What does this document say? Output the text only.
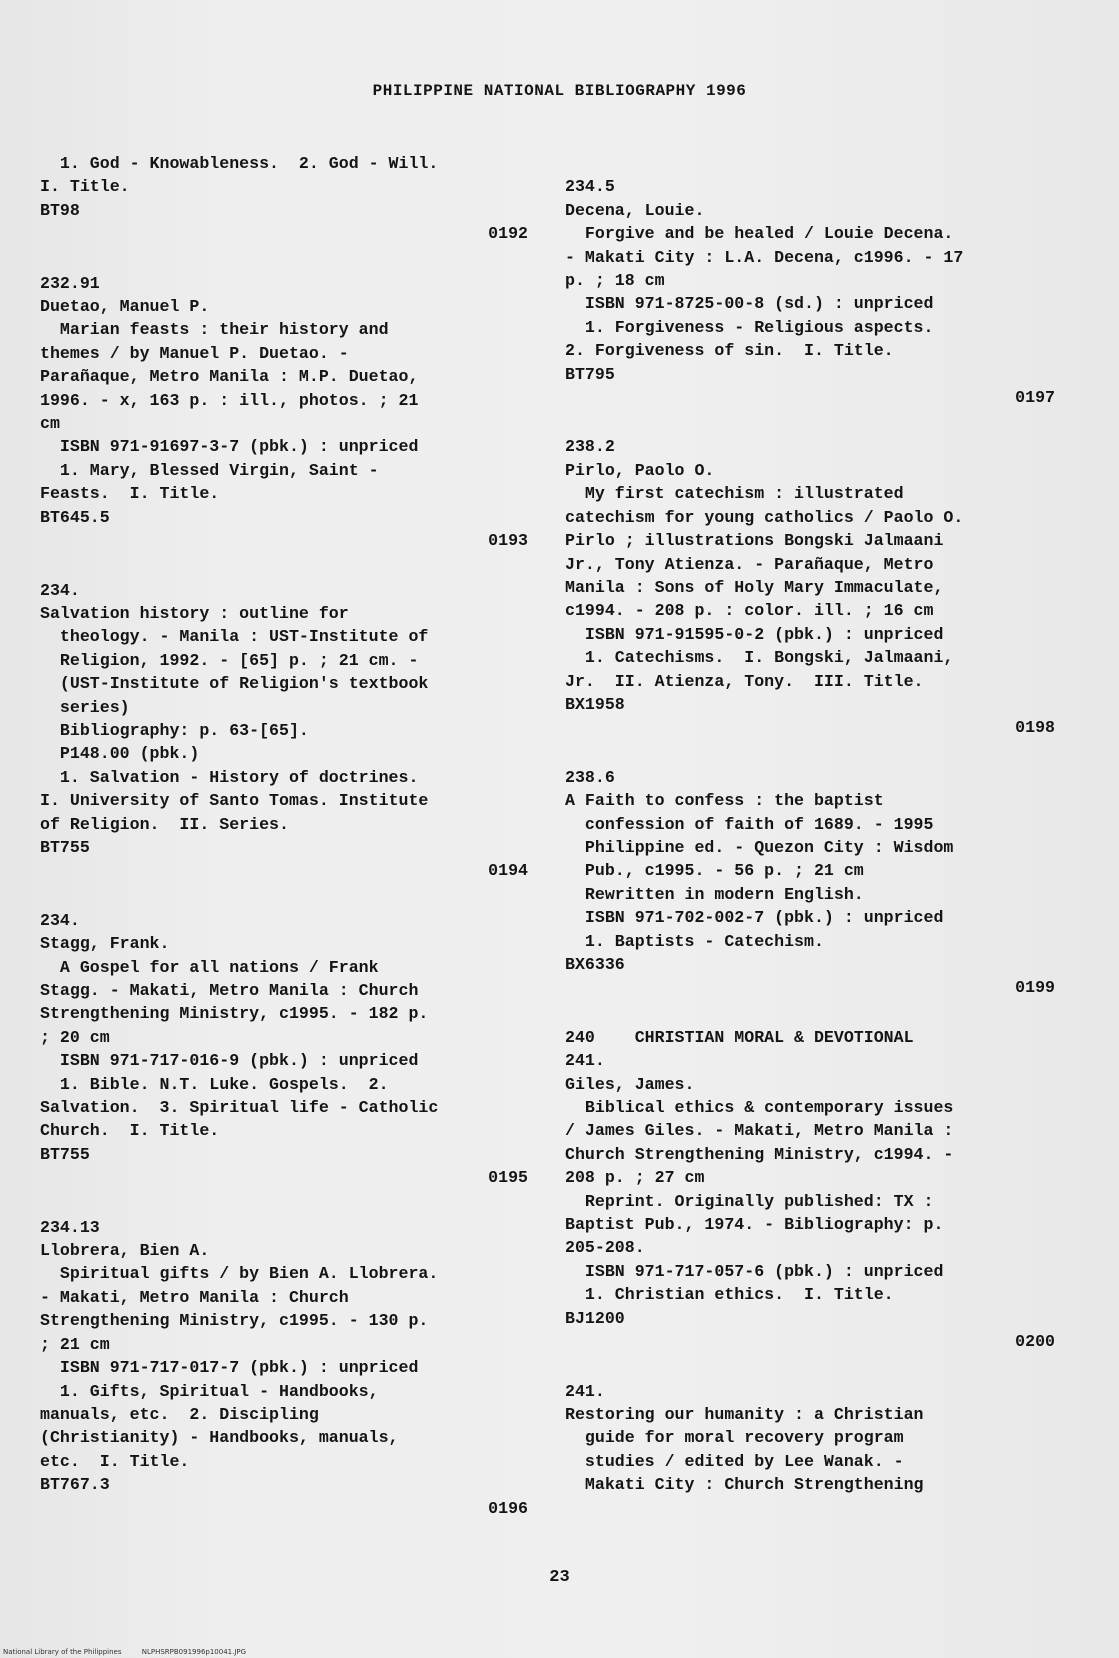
PHILIPPINE NATIONAL BIBLIOGRAPHY 1996
1. God - Knowableness.  2. God - Will.
I. Title.
BT98
0192
232.91
Duetao, Manuel P.
Marian feasts : their history and
themes / by Manuel P. Duetao. -
Parañaque, Metro Manila : M.P. Duetao,
1996. - x, 163 p. : ill., photos. ; 21
cm
ISBN 971-91697-3-7 (pbk.) : unpriced
1. Mary, Blessed Virgin, Saint -
Feasts.  I. Title.
BT645.5
0193
234.
Salvation history : outline for
theology. - Manila : UST-Institute of
Religion, 1992. - [65] p. ; 21 cm. -
(UST-Institute of Religion's textbook
series)
Bibliography: p. 63-[65].
P148.00 (pbk.)
1. Salvation - History of doctrines.
I. University of Santo Tomas. Institute
of Religion.  II. Series.
BT755
0194
234.
Stagg, Frank.
A Gospel for all nations / Frank
Stagg. - Makati, Metro Manila : Church
Strengthening Ministry, c1995. - 182 p.
; 20 cm
ISBN 971-717-016-9 (pbk.) : unpriced
1. Bible. N.T. Luke. Gospels.  2.
Salvation.  3. Spiritual life - Catholic
Church.  I. Title.
BT755
0195
234.13
Llobrera, Bien A.
Spiritual gifts / by Bien A. Llobrera.
- Makati, Metro Manila : Church
Strengthening Ministry, c1995. - 130 p.
; 21 cm
ISBN 971-717-017-7 (pbk.) : unpriced
1. Gifts, Spiritual - Handbooks,
manuals, etc.  2. Discipling
(Christianity) - Handbooks, manuals,
etc.  I. Title.
BT767.3
0196

234.5
Decena, Louie.
Forgive and be healed / Louie Decena.
- Makati City : L.A. Decena, c1996. - 17
p. ; 18 cm
ISBN 971-8725-00-8 (sd.) : unpriced
1. Forgiveness - Religious aspects.
2. Forgiveness of sin.  I. Title.
BT795
0197
238.2
Pirlo, Paolo O.
My first catechism : illustrated
catechism for young catholics / Paolo O.
Pirlo ; illustrations Bongski Jalmaani
Jr., Tony Atienza. - Parañaque, Metro
Manila : Sons of Holy Mary Immaculate,
c1994. - 208 p. : color. ill. ; 16 cm
ISBN 971-91595-0-2 (pbk.) : unpriced
1. Catechisms.  I. Bongski, Jalmaani,
Jr.  II. Atienza, Tony.  III. Title.
BX1958
0198
238.6
A Faith to confess : the baptist
confession of faith of 1689. - 1995
Philippine ed. - Quezon City : Wisdom
Pub., c1995. - 56 p. ; 21 cm
Rewritten in modern English.
ISBN 971-702-002-7 (pbk.) : unpriced
1. Baptists - Catechism.
BX6336
0199
240    CHRISTIAN MORAL & DEVOTIONAL
241.
Giles, James.
Biblical ethics & contemporary issues
/ James Giles. - Makati, Metro Manila :
Church Strengthening Ministry, c1994. -
208 p. ; 27 cm
Reprint. Originally published: TX :
Baptist Pub., 1974. - Bibliography: p.
205-208.
ISBN 971-717-057-6 (pbk.) : unpriced
1. Christian ethics.  I. Title.
BJ1200
0200
241.
Restoring our humanity : a Christian
guide for moral recovery program
studies / edited by Lee Wanak. -
Makati City : Church Strengthening
23
National Library of the Philippines	NLPHSRPB091996p10041.JPG
